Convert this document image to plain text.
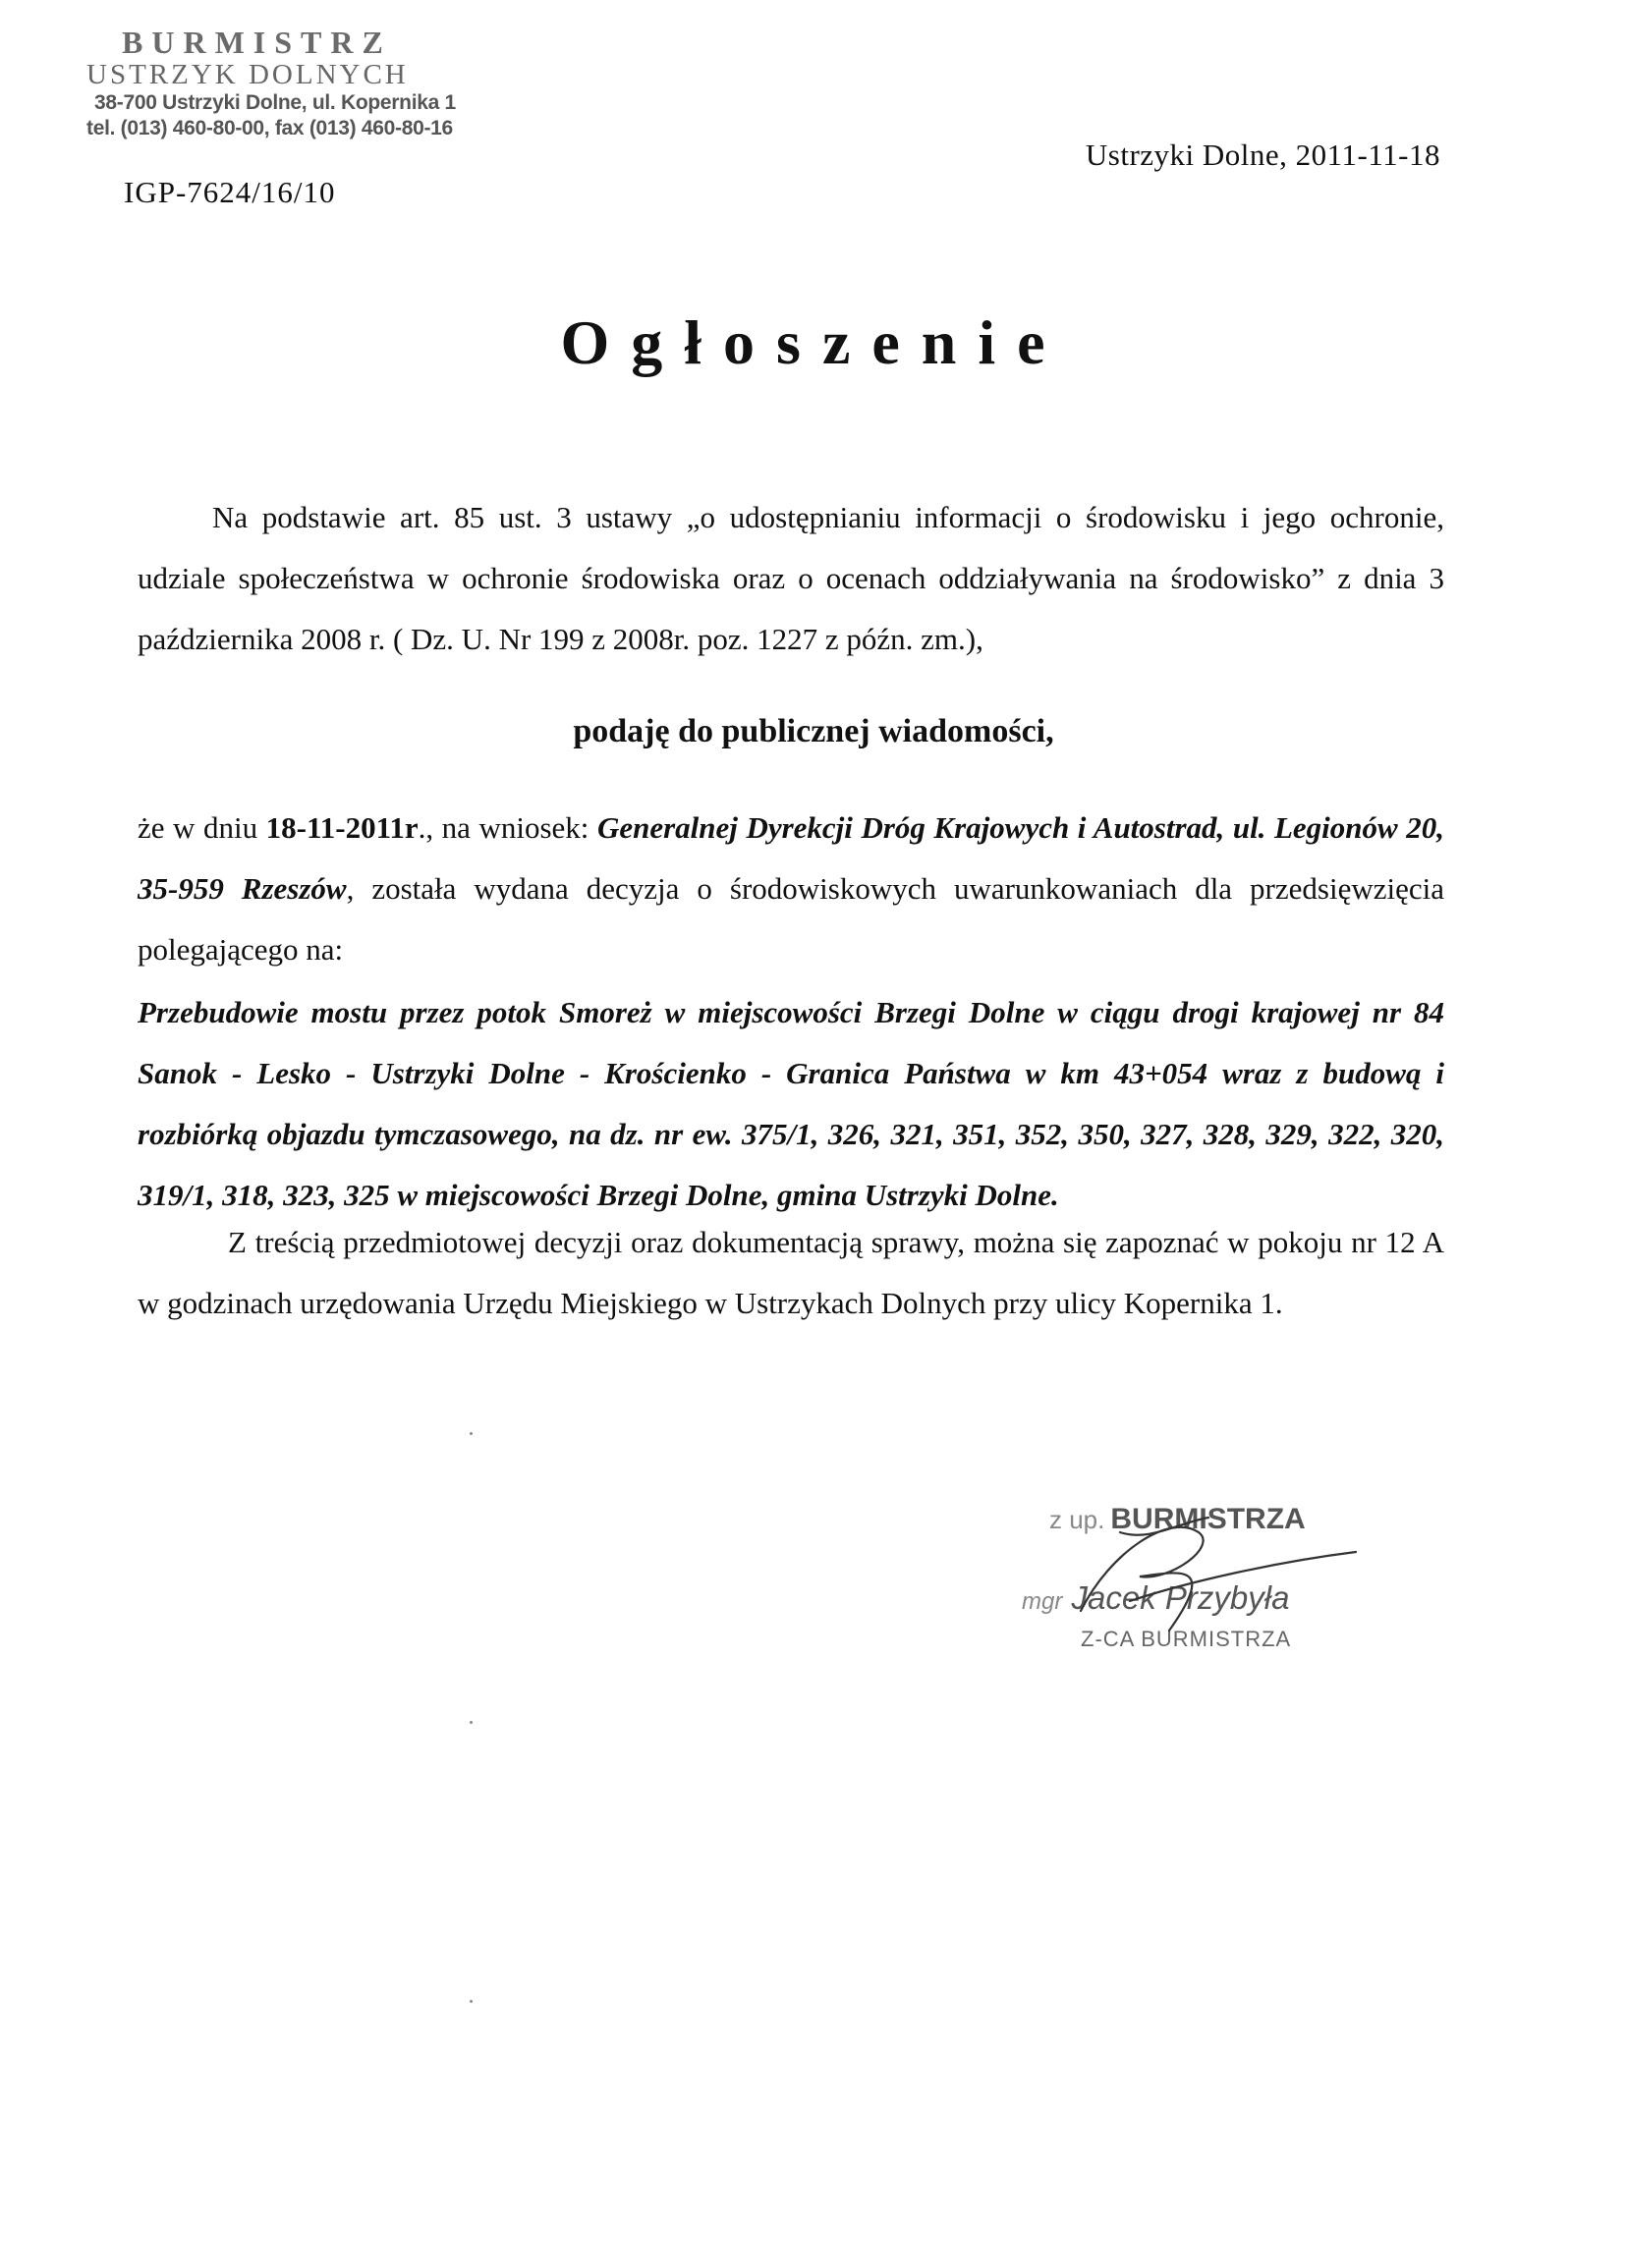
BURMISTRZ
USTRZYK DOLNYCH
38-700 Ustrzyki Dolne, ul. Kopernika 1
tel. (013) 460-80-00, fax (013) 460-80-16
IGP-7624/16/10
Ustrzyki Dolne, 2011-11-18
Ogłoszenie
Na podstawie art. 85 ust. 3 ustawy „o udostępnianiu informacji o środowisku i jego ochronie, udziale społeczeństwa w ochronie środowiska oraz o ocenach oddziaływania na środowisko” z dnia 3 października 2008 r. ( Dz. U. Nr 199 z 2008r. poz. 1227 z późn. zm.),
podaję do publicznej wiadomości,
że w dniu 18-11-2011r., na wniosek: Generalnej Dyrekcji Dróg Krajowych i Autostrad, ul. Legionów 20, 35-959 Rzeszów, została wydana decyzja o środowiskowych uwarunkowaniach dla przedsięwzięcia polegającego na:
Przebudowie mostu przez potok Smoreż w miejscowości Brzegi Dolne w ciągu drogi krajowej nr 84 Sanok - Lesko - Ustrzyki Dolne - Krościenko - Granica Państwa w km 43+054 wraz z budową i rozbiórką objazdu tymczasowego, na dz. nr ew. 375/1, 326, 321, 351, 352, 350, 327, 328, 329, 322, 320, 319/1, 318, 323, 325 w miejscowości Brzegi Dolne, gmina Ustrzyki Dolne.
Z treścią przedmiotowej decyzji oraz dokumentacją sprawy, można się zapoznać w pokoju nr 12 A w godzinach urzędowania Urzędu Miejskiego w Ustrzykach Dolnych przy ulicy Kopernika 1.
z up. BURMISTRZA
mgr Jacek Przybyła
Z-CA BURMISTRZA
